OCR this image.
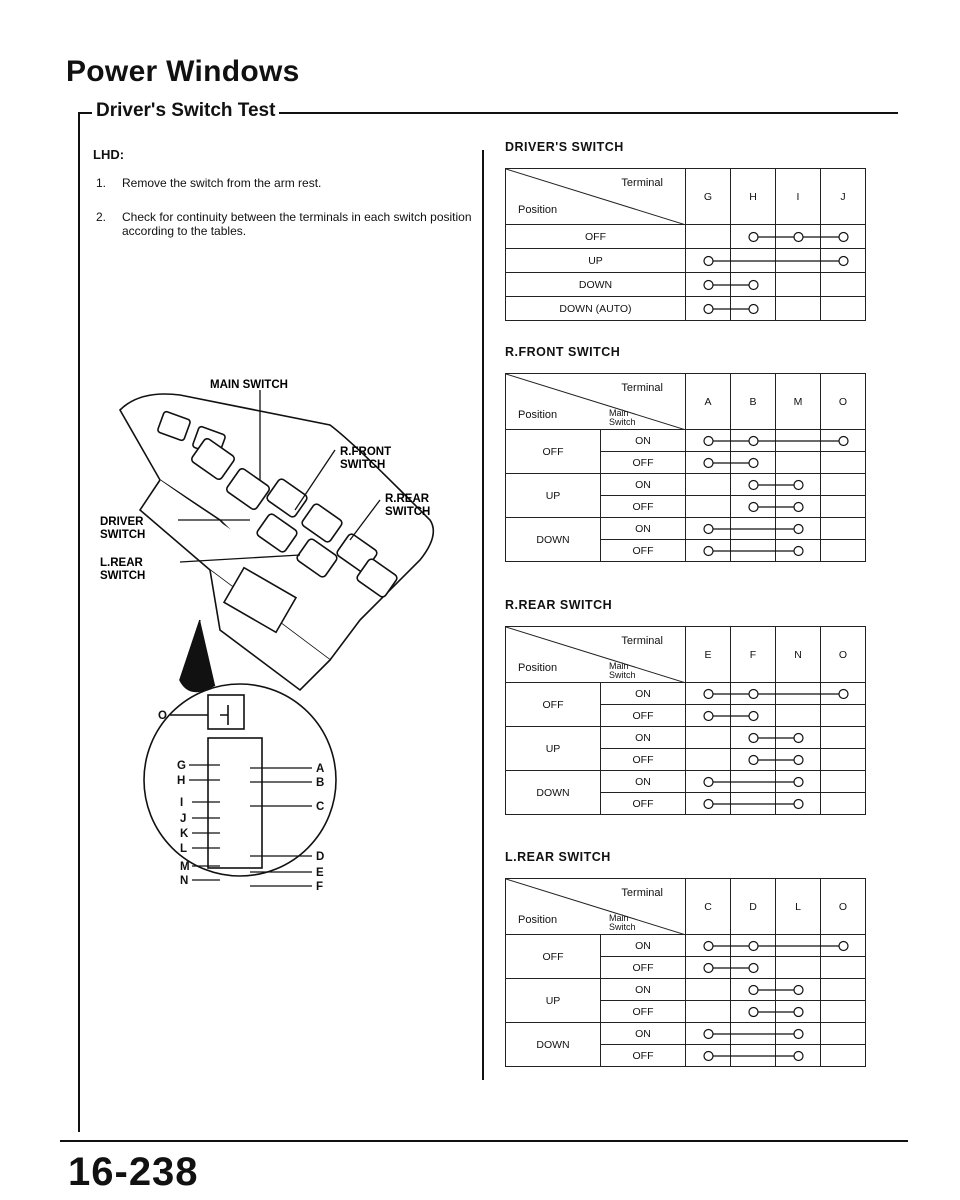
Power Windows
Driver's Switch Test
LHD:
1. Remove the switch from the arm rest.
2. Check for continuity between the terminals in each switch position according to the tables.
MAIN SWITCH
R.FRONT
SWITCH
R.REAR
SWITCH
DRIVER
SWITCH
L.REAR
SWITCH
O
G
H
I
J
K
L
M
N
A
B
C
D
E
F
DRIVER'S SWITCH
Terminal
Position	G	H	I	J
OFF	

UP	

DOWN	

DOWN (AUTO)	

R.FRONT SWITCH
Terminal
Position Main
Switch		A	B	M	O
OFF	ON	

	OFF	

UP	ON	

	OFF	

DOWN	ON	

	OFF	

R.REAR SWITCH
Terminal
Position Main
Switch		E	F	N	O
OFF	ON	

	OFF	

UP	ON	

	OFF	

DOWN	ON	

	OFF	

L.REAR SWITCH
Terminal
Position Main
Switch		C	D	L	O
OFF	ON	

	OFF	

UP	ON	

	OFF	

DOWN	ON	

	OFF	

16-238
